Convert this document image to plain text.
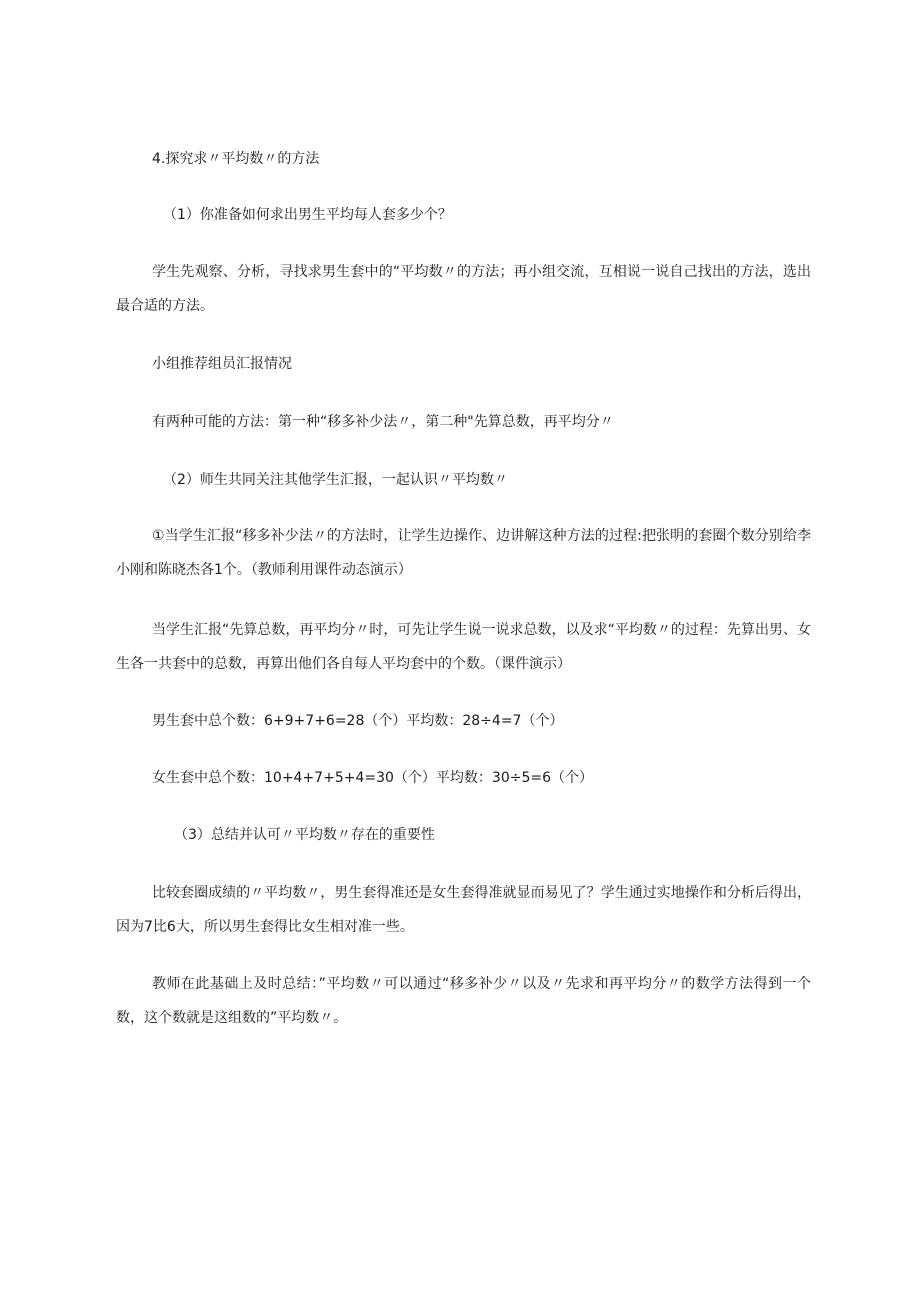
4.探究求〃平均数〃的方法
（1）你准备如何求出男生平均每人套多少个？
学生先观察、分析，寻找求男生套中的“平均数〃的方法；再小组交流，互相说一说自己找出的方法，选出最合适的方法。
小组推荐组员汇报情况
有两种可能的方法：第一种“移多补少法〃，第二种"先算总数，再平均分〃
（2）师生共同关注其他学生汇报，一起认识〃平均数〃
①当学生汇报“移多补少法〃的方法时，让学生边操作、边讲解这种方法的过程:把张明的套圈个数分别给李小刚和陈晓杰各1个。（教师利用课件动态演示）
当学生汇报“先算总数，再平均分〃时，可先让学生说一说求总数，以及求“平均数〃的过程：先算出男、女生各一共套中的总数，再算出他们各自每人平均套中的个数。（课件演示）
男生套中总个数：6+9+7+6=28（个）平均数：28÷4=7（个）
女生套中总个数：10+4+7+5+4=30（个）平均数：30÷5=6（个）
（3）总结并认可〃平均数〃存在的重要性
比较套圈成绩的〃平均数〃，男生套得准还是女生套得准就显而易见了？学生通过实地操作和分析后得出，因为7比6大，所以男生套得比女生相对准一些。
教师在此基础上及时总结：”平均数〃可以通过“移多补少〃以及〃先求和再平均分〃的数学方法得到一个数，这个数就是这组数的”平均数〃。
